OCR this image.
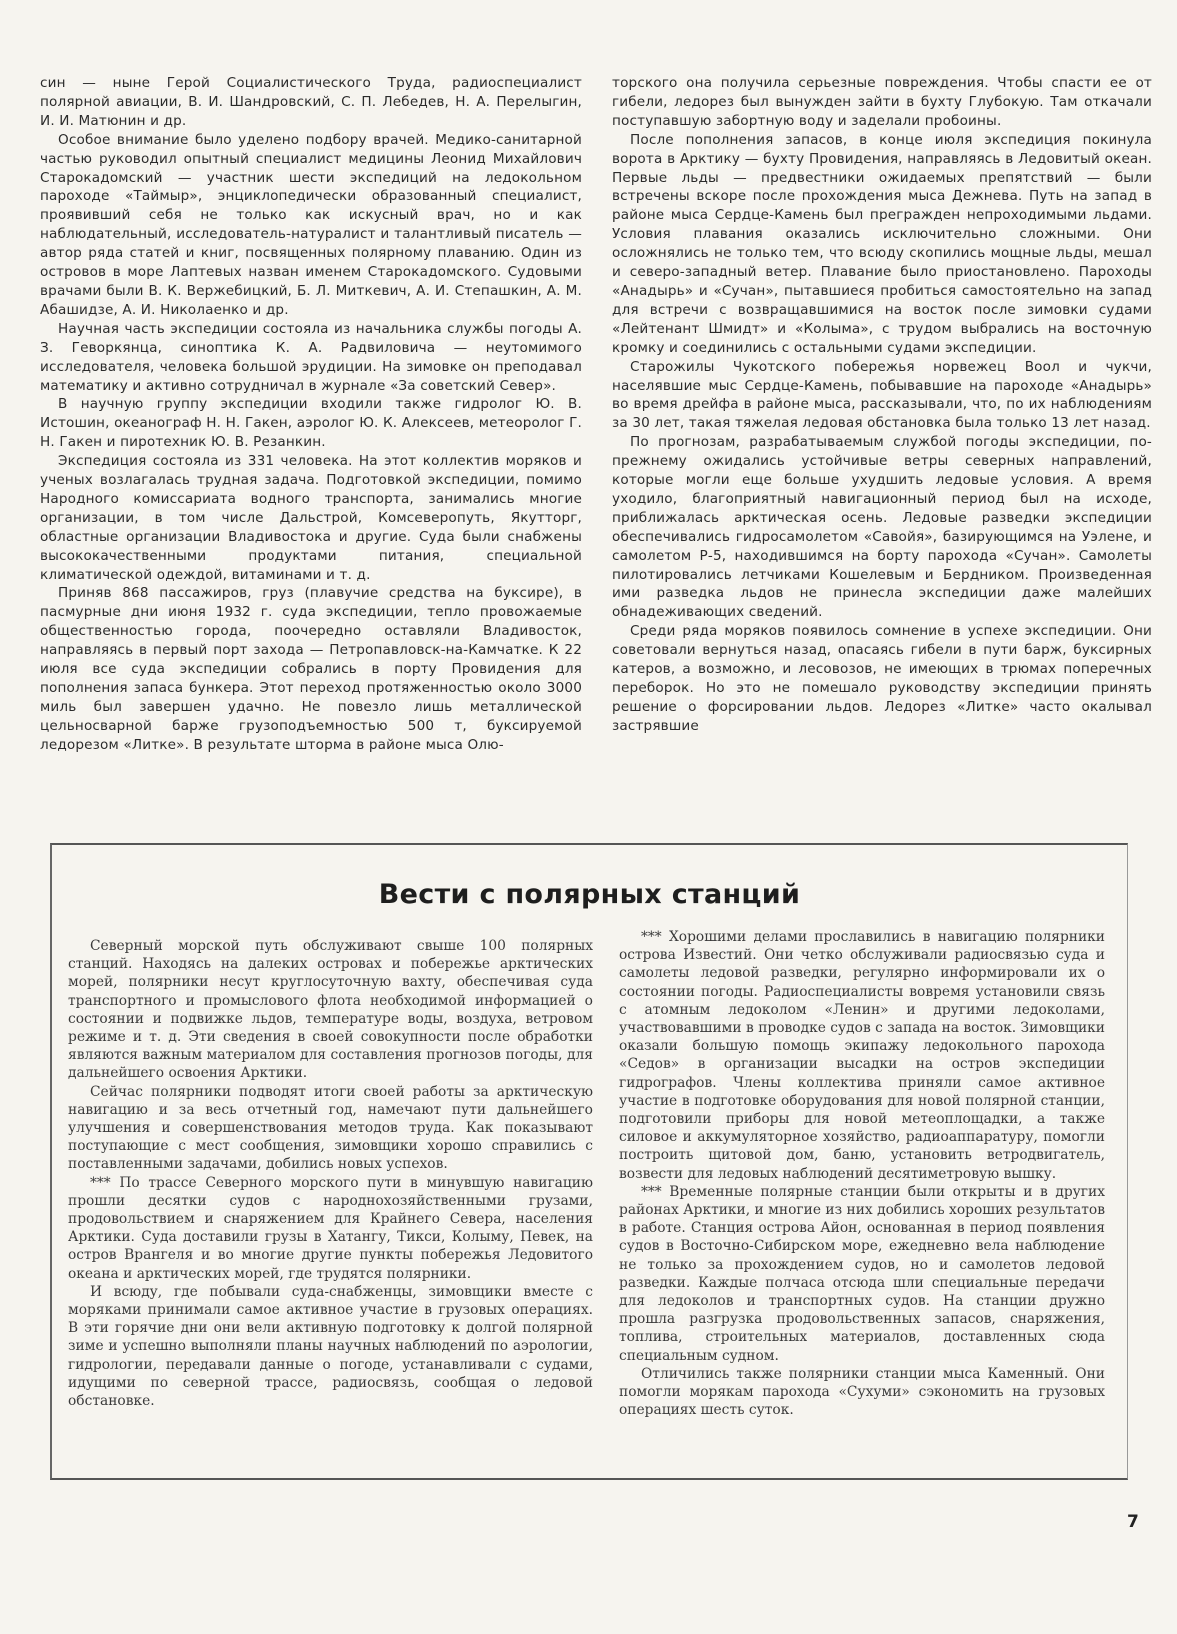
син — ныне Герой Социалистического Труда, радиоспециалист полярной авиации, В. И. Шандровский, С. П. Лебедев, Н. А. Перелыгин, И. И. Матюнин и др.

Особое внимание было уделено подбору врачей. Медико-санитарной частью руководил опытный специалист медицины Леонид Михайлович Старокадомский — участник шести экспедиций на ледокольном пароходе «Таймыр», энциклопедически образованный специалист, проявивший себя не только как искусный врач, но и как наблюдательный, исследователь-натуралист и талантливый писатель — автор ряда статей и книг, посвященных полярному плаванию. Один из островов в море Лаптевых назван именем Старокадомского. Судовыми врачами были В. К. Вержебицкий, Б. Л. Миткевич, А. И. Степашкин, А. М. Абашидзе, А. И. Николаенко и др.

Научная часть экспедиции состояла из начальника службы погоды А. З. Геворкянца, синоптика К. А. Радвиловича — неутомимого исследователя, человека большой эрудиции. На зимовке он преподавал математику и активно сотрудничал в журнале «За советский Север».

В научную группу экспедиции входили также гидролог Ю. В. Истошин, океанограф Н. Н. Гакен, аэролог Ю. К. Алексеев, метеоролог Г. Н. Гакен и пиротехник Ю. В. Резанкин.

Экспедиция состояла из 331 человека. На этот коллектив моряков и ученых возлагалась трудная задача. Подготовкой экспедиции, помимо Народного комиссариата водного транспорта, занимались многие организации, в том числе Дальстрой, Комсеверопуть, Якутторг, областные организации Владивостока и другие. Суда были снабжены высококачественными продуктами питания, специальной климатической одеждой, витаминами и т. д.

Приняв 868 пассажиров, груз (плавучие средства на буксире), в пасмурные дни июня 1932 г. суда экспедиции, тепло провожаемые общественностью города, поочередно оставляли Владивосток, направляясь в первый порт захода — Петропавловск-на-Камчатке. К 22 июля все суда экспедиции собрались в порту Провидения для пополнения запаса бункера. Этот переход протяженностью около 3000 миль был завершен удачно. Не повезло лишь металлической цельносварной барже грузоподъемностью 500 т, буксируемой ледорезом «Литке». В результате шторма в районе мыса Олю-

торского она получила серьезные повреждения. Чтобы спасти ее от гибели, ледорез был вынужден зайти в бухту Глубокую. Там откачали поступавшую забортную воду и заделали пробоины.

После пополнения запасов, в конце июля экспедиция покинула ворота в Арктику — бухту Провидения, направляясь в Ледовитый океан. Первые льды — предвестники ожидаемых препятствий — были встречены вскоре после прохождения мыса Дежнева. Путь на запад в районе мыса Сердце-Камень был прегражден непроходимыми льдами. Условия плавания оказались исключительно сложными. Они осложнялись не только тем, что всюду скопились мощные льды, мешал и северо-западный ветер. Плавание было приостановлено. Пароходы «Анадырь» и «Сучан», пытавшиеся пробиться самостоятельно на запад для встречи с возвращавшимися на восток после зимовки судами «Лейтенант Шмидт» и «Колыма», с трудом выбрались на восточную кромку и соединились с остальными судами экспедиции.

Старожилы Чукотского побережья норвежец Воол и чукчи, населявшие мыс Сердце-Камень, побывавшие на пароходе «Анадырь» во время дрейфа в районе мыса, рассказывали, что, по их наблюдениям за 30 лет, такая тяжелая ледовая обстановка была только 13 лет назад.

По прогнозам, разрабатываемым службой погоды экспедиции, по-прежнему ожидались устойчивые ветры северных направлений, которые могли еще больше ухудшить ледовые условия. А время уходило, благоприятный навигационный период был на исходе, приближалась арктическая осень. Ледовые разведки экспедиции обеспечивались гидросамолетом «Савойя», базирующимся на Уэлене, и самолетом Р-5, находившимся на борту парохода «Сучан». Самолеты пилотировались летчиками Кошелевым и Бердником. Произведенная ими разведка льдов не принесла экспедиции даже малейших обнадеживающих сведений.

Среди ряда моряков появилось сомнение в успехе экспедиции. Они советовали вернуться назад, опасаясь гибели в пути барж, буксирных катеров, а возможно, и лесовозов, не имеющих в трюмах поперечных переборок. Но это не помешало руководству экспедиции принять решение о форсировании льдов. Ледорез «Литке» часто окалывал застрявшие

Вести с полярных станций

Северный морской путь обслуживают свыше 100 полярных станций. Находясь на далеких островах и побережье арктических морей, полярники несут круглосуточную вахту, обеспечивая суда транспортного и промыслового флота необходимой информацией о состоянии и подвижке льдов, температуре воды, воздуха, ветровом режиме и т. д. Эти сведения в своей совокупности после обработки являются важным материалом для составления прогнозов погоды, для дальнейшего освоения Арктики.

Сейчас полярники подводят итоги своей работы за арктическую навигацию и за весь отчетный год, намечают пути дальнейшего улучшения и совершенствования методов труда. Как показывают поступающие с мест сообщения, зимовщики хорошо справились с поставленными задачами, добились новых успехов.

*** По трассе Северного морского пути в минувшую навигацию прошли десятки судов с народнохозяйственными грузами, продовольствием и снаряжением для Крайнего Севера, населения Арктики. Суда доставили грузы в Хатангу, Тикси, Колыму, Певек, на остров Врангеля и во многие другие пункты побережья Ледовитого океана и арктических морей, где трудятся полярники.

И всюду, где побывали суда-снабженцы, зимовщики вместе с моряками принимали самое активное участие в грузовых операциях. В эти горячие дни они вели активную подготовку к долгой полярной зиме и успешно выполняли планы научных наблюдений по аэрологии, гидрологии, передавали данные о погоде, устанавливали с судами, идущими по северной трассе, радиосвязь, сообщая о ледовой обстановке.

*** Хорошими делами прославились в навигацию полярники острова Известий. Они четко обслуживали радиосвязью суда и самолеты ледовой разведки, регулярно информировали их о состоянии погоды. Радиоспециалисты вовремя установили связь с атомным ледоколом «Ленин» и другими ледоколами, участвовавшими в проводке судов с запада на восток. Зимовщики оказали большую помощь экипажу ледокольного парохода «Седов» в организации высадки на остров экспедиции гидрографов. Члены коллектива приняли самое активное участие в подготовке оборудования для новой полярной станции, подготовили приборы для новой метеоплощадки, а также силовое и аккумуляторное хозяйство, радиоаппаратуру, помогли построить щитовой дом, баню, установить ветродвигатель, возвести для ледовых наблюдений десятиметровую вышку.

*** Временные полярные станции были открыты и в других районах Арктики, и многие из них добились хороших результатов в работе. Станция острова Айон, основанная в период появления судов в Восточно-Сибирском море, ежедневно вела наблюдение не только за прохождением судов, но и самолетов ледовой разведки. Каждые полчаса отсюда шли специальные передачи для ледоколов и транспортных судов. На станции дружно прошла разгрузка продовольственных запасов, снаряжения, топлива, строительных материалов, доставленных сюда специальным судном.

Отличились также полярники станции мыса Каменный. Они помогли морякам парохода «Сухуми» сэкономить на грузовых операциях шесть суток.

7
